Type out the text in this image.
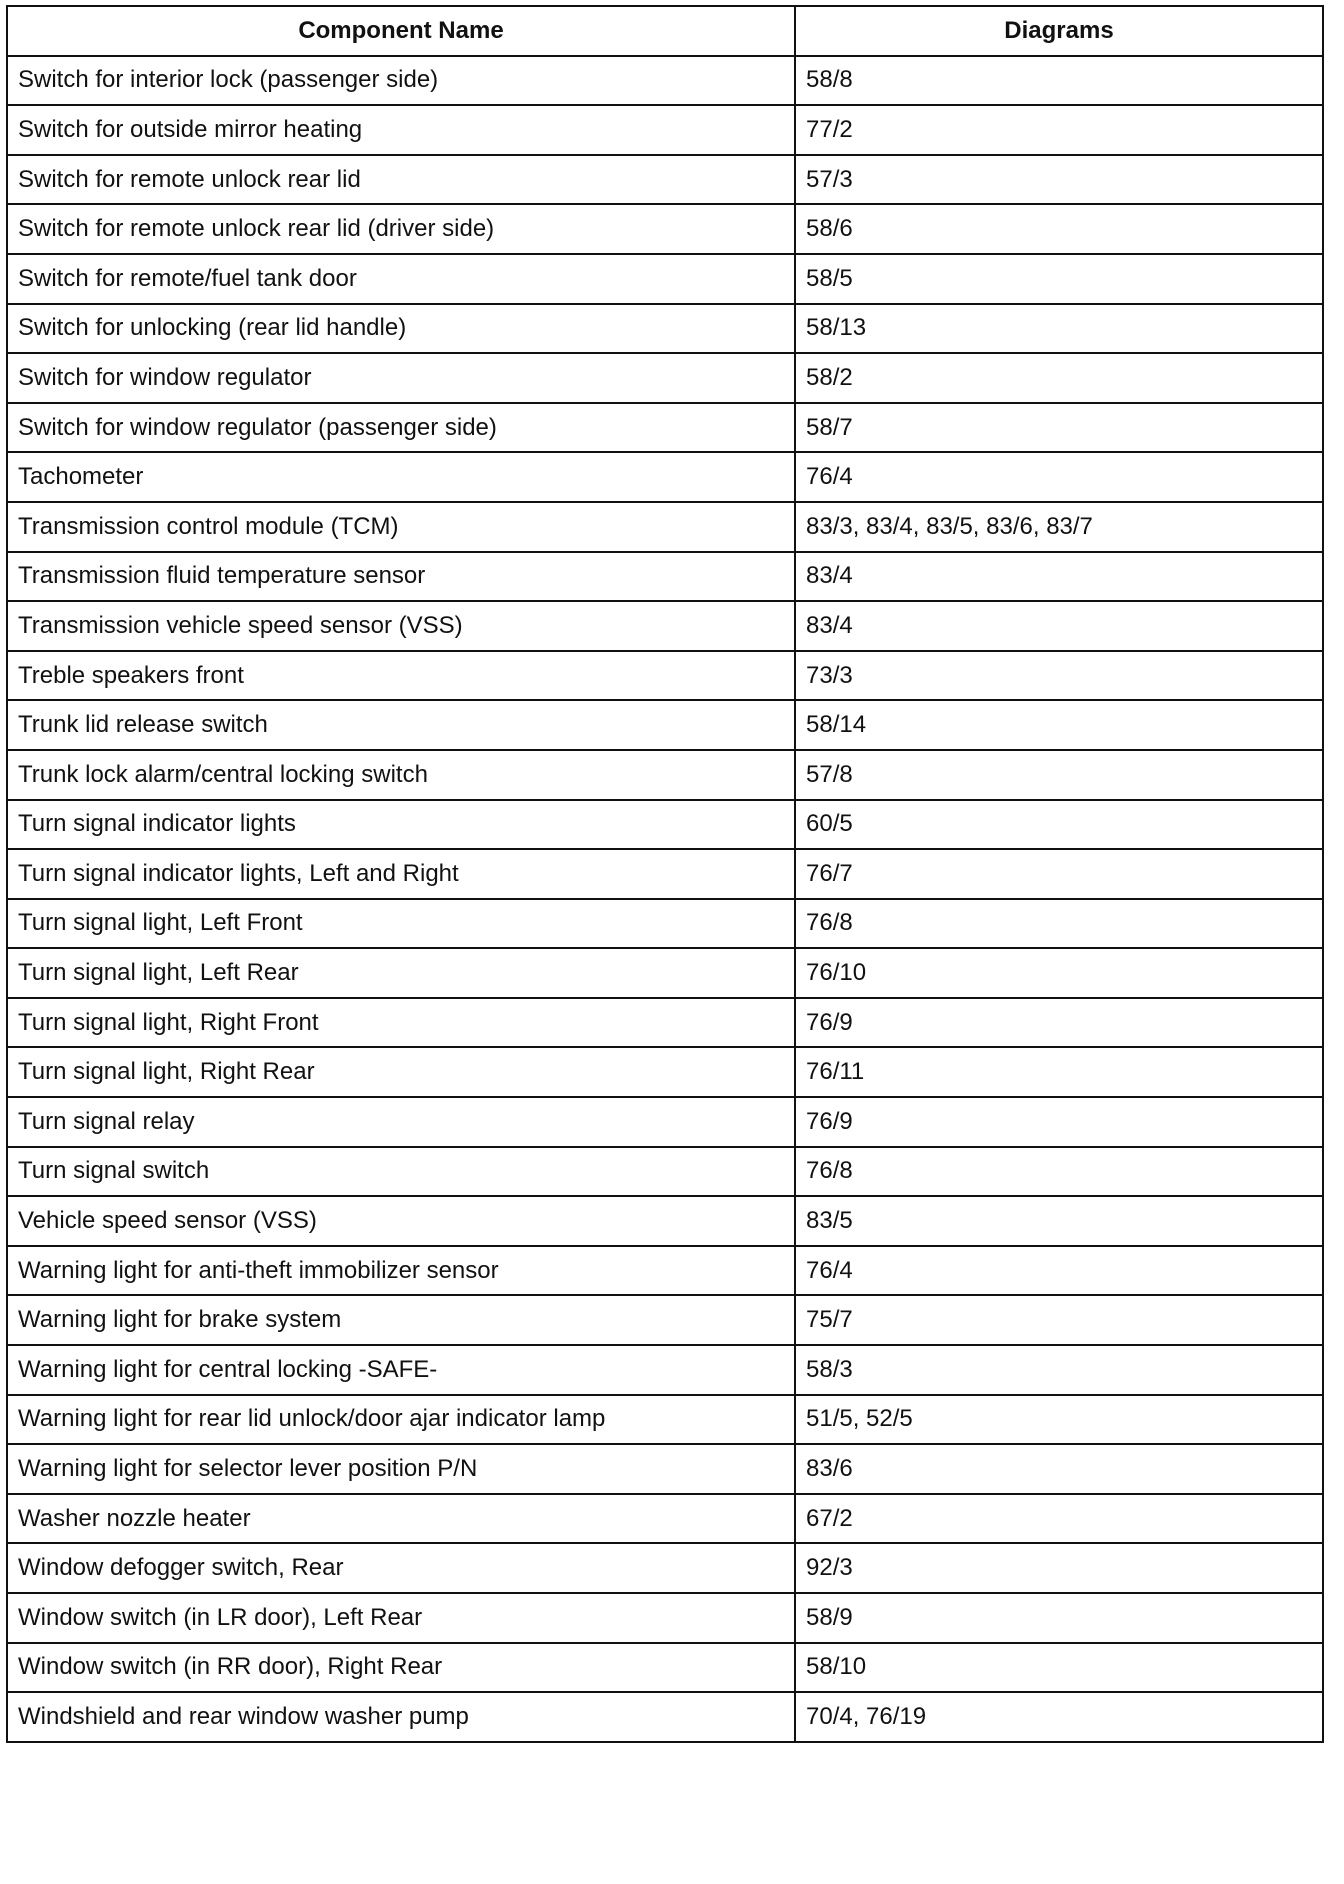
Component Name	Diagrams
Switch for interior lock (passenger side)	58/8
Switch for outside mirror heating	77/2
Switch for remote unlock rear lid	57/3
Switch for remote unlock rear lid (driver side)	58/6
Switch for remote/fuel tank door	58/5
Switch for unlocking (rear lid handle)	58/13
Switch for window regulator	58/2
Switch for window regulator (passenger side)	58/7
Tachometer	76/4
Transmission control module (TCM)	83/3, 83/4, 83/5, 83/6, 83/7
Transmission fluid temperature sensor	83/4
Transmission vehicle speed sensor (VSS)	83/4
Treble speakers front	73/3
Trunk lid release switch	58/14
Trunk lock alarm/central locking switch	57/8
Turn signal indicator lights	60/5
Turn signal indicator lights, Left and Right	76/7
Turn signal light, Left Front	76/8
Turn signal light, Left Rear	76/10
Turn signal light, Right Front	76/9
Turn signal light, Right Rear	76/11
Turn signal relay	76/9
Turn signal switch	76/8
Vehicle speed sensor (VSS)	83/5
Warning light for anti-theft immobilizer sensor	76/4
Warning light for brake system	75/7
Warning light for central locking -SAFE-	58/3
Warning light for rear lid unlock/door ajar indicator lamp	51/5, 52/5
Warning light for selector lever position P/N	83/6
Washer nozzle heater	67/2
Window defogger switch, Rear	92/3
Window switch (in LR door), Left Rear	58/9
Window switch (in RR door), Right Rear	58/10
Windshield and rear window washer pump	70/4, 76/19
